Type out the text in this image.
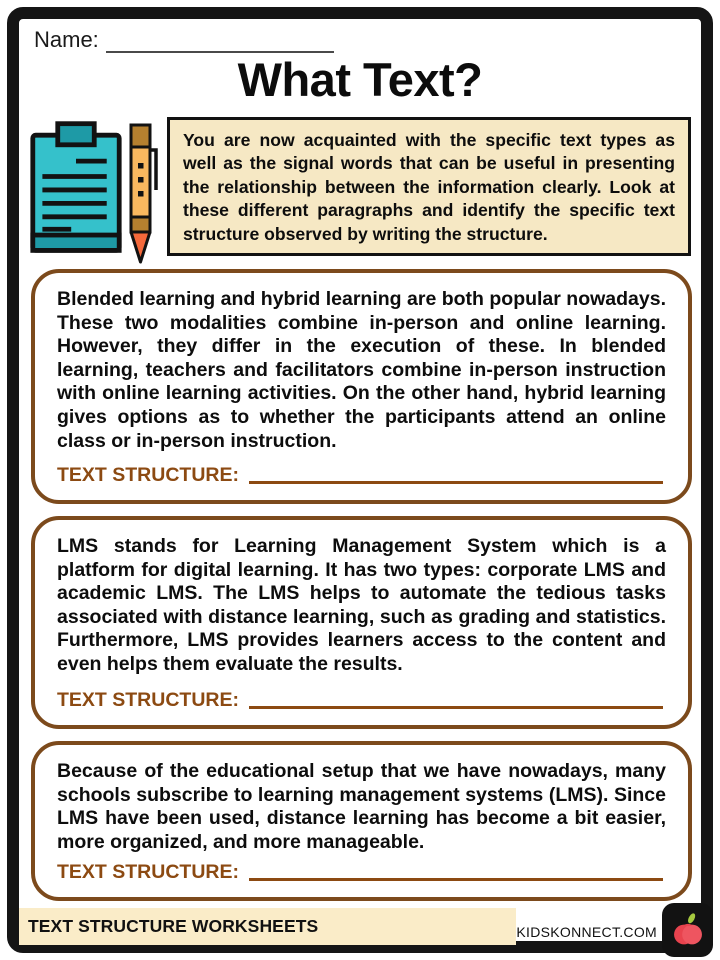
Name:
What Text?
You are now acquainted with the specific text types as well as the signal words that can be useful in presenting the relationship between the information clearly. Look at these different paragraphs and identify the specific text structure observed by writing the structure.
Blended learning and hybrid learning are both popular nowadays. These two modalities combine in-person and online learning. However, they differ in the execution of these. In blended learning, teachers and facilitators combine in-person instruction with online learning activities. On the other hand, hybrid learning gives options as to whether the participants attend an online class or in-person instruction.
TEXT STRUCTURE:
LMS stands for Learning Management System which is a platform for digital learning. It has two types: corporate LMS and academic LMS. The LMS helps to automate the tedious tasks associated with distance learning, such as grading and statistics. Furthermore, LMS provides learners access to the content and even helps them evaluate the results.
TEXT STRUCTURE:
Because of the educational setup that we have nowadays, many schools subscribe to learning management systems (LMS). Since LMS have been used, distance learning has become a bit easier, more organized, and more manageable.
TEXT STRUCTURE:
TEXT STRUCTURE WORKSHEETS	KIDSKONNECT.COM
